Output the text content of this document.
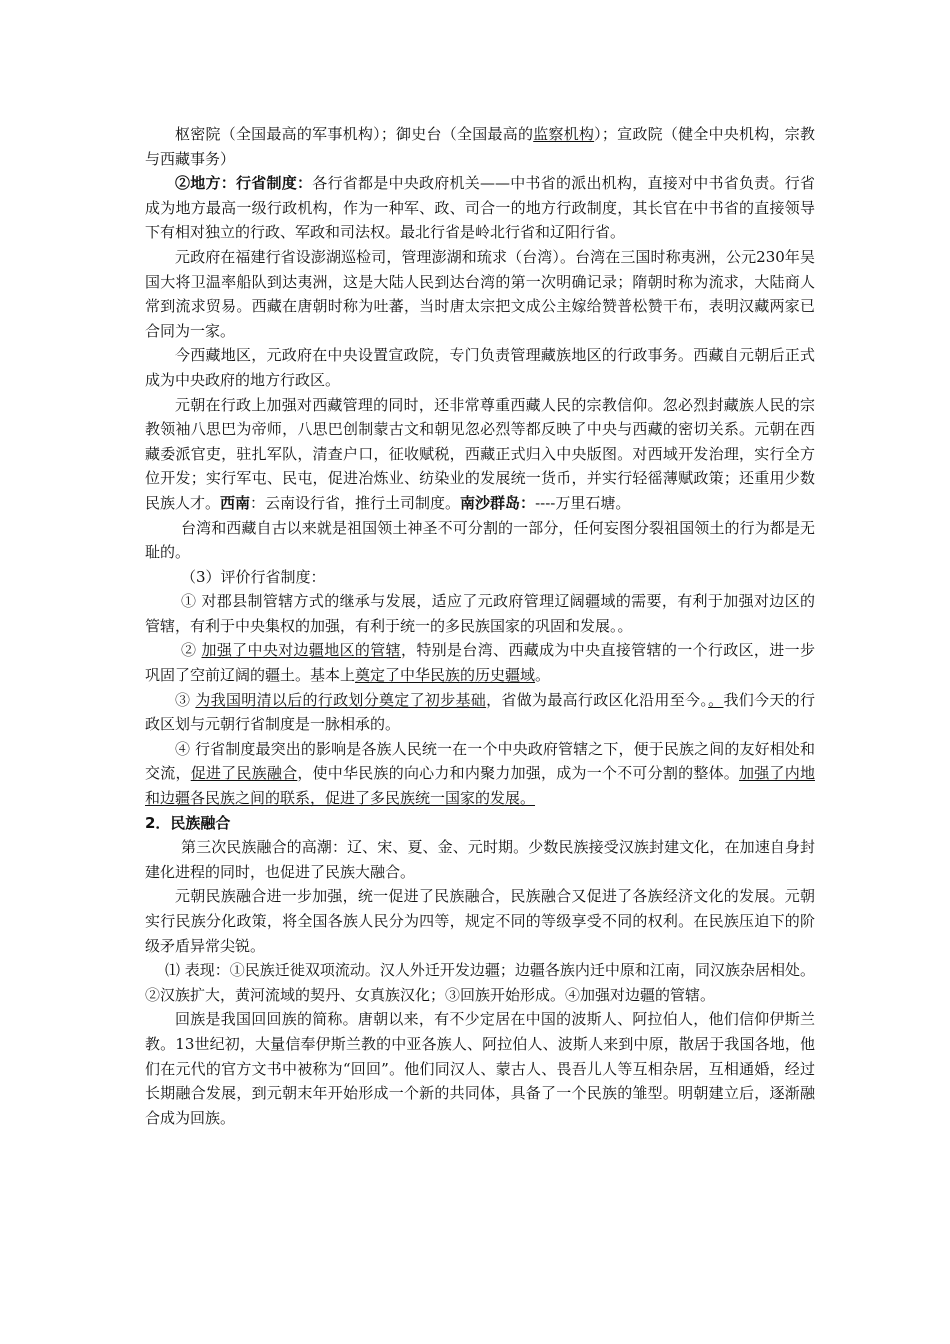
枢密院（全国最高的军事机构）；御史台（全国最高的监察机构）；宣政院（健全中央机构，宗教与西藏事务）

②地方：行省制度：各行省都是中央政府机关——中书省的派出机构，直接对中书省负责。行省成为地方最高一级行政机构，作为一种军、政、司合一的地方行政制度，其长官在中书省的直接领导下有相对独立的行政、军政和司法权。最北行省是岭北行省和辽阳行省。

元政府在福建行省设澎湖巡检司，管理澎湖和琉求（台湾）。台湾在三国时称夷洲，公元230年吴国大将卫温率船队到达夷洲，这是大陆人民到达台湾的第一次明确记录；隋朝时称为流求，大陆商人常到流求贸易。西藏在唐朝时称为吐蕃，当时唐太宗把文成公主嫁给赞普松赞干布，表明汉藏两家已合同为一家。

今西藏地区，元政府在中央设置宣政院，专门负责管理藏族地区的行政事务。西藏自元朝后正式成为中央政府的地方行政区。

元朝在行政上加强对西藏管理的同时，还非常尊重西藏人民的宗教信仰。忽必烈封藏族人民的宗教领袖八思巴为帝师，八思巴创制蒙古文和朝见忽必烈等都反映了中央与西藏的密切关系。元朝在西藏委派官吏，驻扎军队，清查户口，征收赋税，西藏正式归入中央版图。对西域开发治理，实行全方位开发；实行军屯、民屯，促进冶炼业、纺染业的发展统一货币，并实行轻徭薄赋政策；还重用少数民族人才。西南：云南设行省，推行土司制度。南沙群岛：----万里石塘。

台湾和西藏自古以来就是祖国领土神圣不可分割的一部分，任何妄图分裂祖国领土的行为都是无耻的。

（3）评价行省制度：

① 对郡县制管辖方式的继承与发展，适应了元政府管理辽阔疆域的需要，有利于加强对边区的管辖，有利于中央集权的加强，有利于统一的多民族国家的巩固和发展。。

② 加强了中央对边疆地区的管辖，特别是台湾、西藏成为中央直接管辖的一个行政区，进一步巩固了空前辽阔的疆土。基本上奠定了中华民族的历史疆域。

③ 为我国明清以后的行政划分奠定了初步基础，省做为最高行政区化沿用至今。。我们今天的行政区划与元朝行省制度是一脉相承的。

④ 行省制度最突出的影响是各族人民统一在一个中央政府管辖之下，便于民族之间的友好相处和交流，促进了民族融合，使中华民族的向心力和内聚力加强，成为一个不可分割的整体。加强了内地和边疆各民族之间的联系，促进了多民族统一国家的发展。

2．民族融合

第三次民族融合的高潮：辽、宋、夏、金、元时期。少数民族接受汉族封建文化，在加速自身封建化进程的同时，也促进了民族大融合。

元朝民族融合进一步加强，统一促进了民族融合，民族融合又促进了各族经济文化的发展。元朝实行民族分化政策，将全国各族人民分为四等，规定不同的等级享受不同的权利。在民族压迫下的阶级矛盾异常尖锐。

⑴ 表现：①民族迁徙双项流动。汉人外迁开发边疆；边疆各族内迁中原和江南，同汉族杂居相处。②汉族扩大，黄河流域的契丹、女真族汉化；③回族开始形成。④加强对边疆的管辖。

回族是我国回回族的简称。唐朝以来，有不少定居在中国的波斯人、阿拉伯人，他们信仰伊斯兰教。13世纪初，大量信奉伊斯兰教的中亚各族人、阿拉伯人、波斯人来到中原，散居于我国各地，他们在元代的官方文书中被称为“回回”。他们同汉人、蒙古人、畏吾儿人等互相杂居，互相通婚，经过长期融合发展，到元朝末年开始形成一个新的共同体，具备了一个民族的雏型。明朝建立后，逐渐融合成为回族。
